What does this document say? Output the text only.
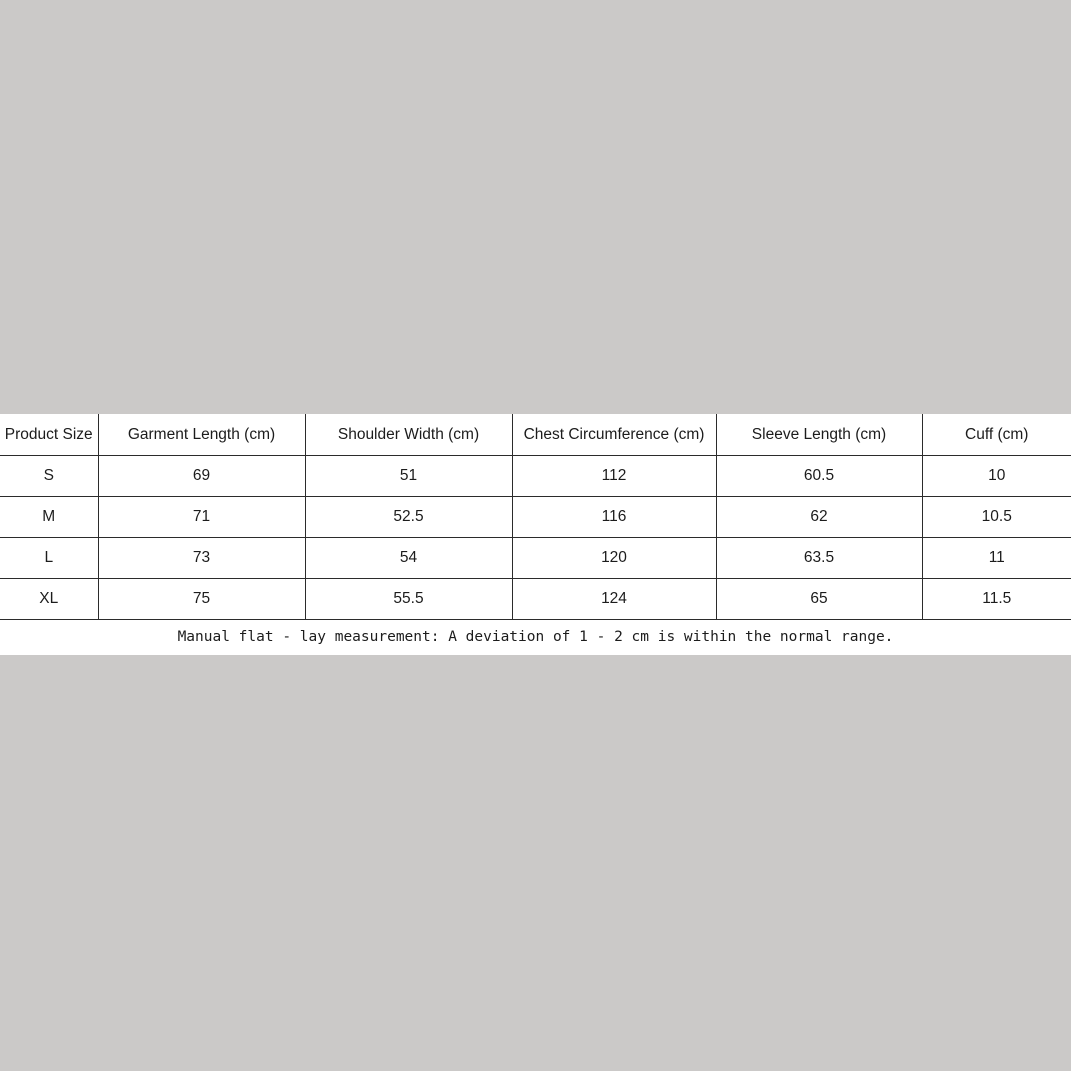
Product Size	Garment Length (cm)	Shoulder Width (cm)	Chest Circumference (cm)	Sleeve Length (cm)	Cuff (cm)
S	69	51	112	60.5	10
M	71	52.5	116	62	10.5
L	73	54	120	63.5	11
XL	75	55.5	124	65	11.5
Manual flat - lay measurement: A deviation of 1 - 2 cm is within the normal range.
